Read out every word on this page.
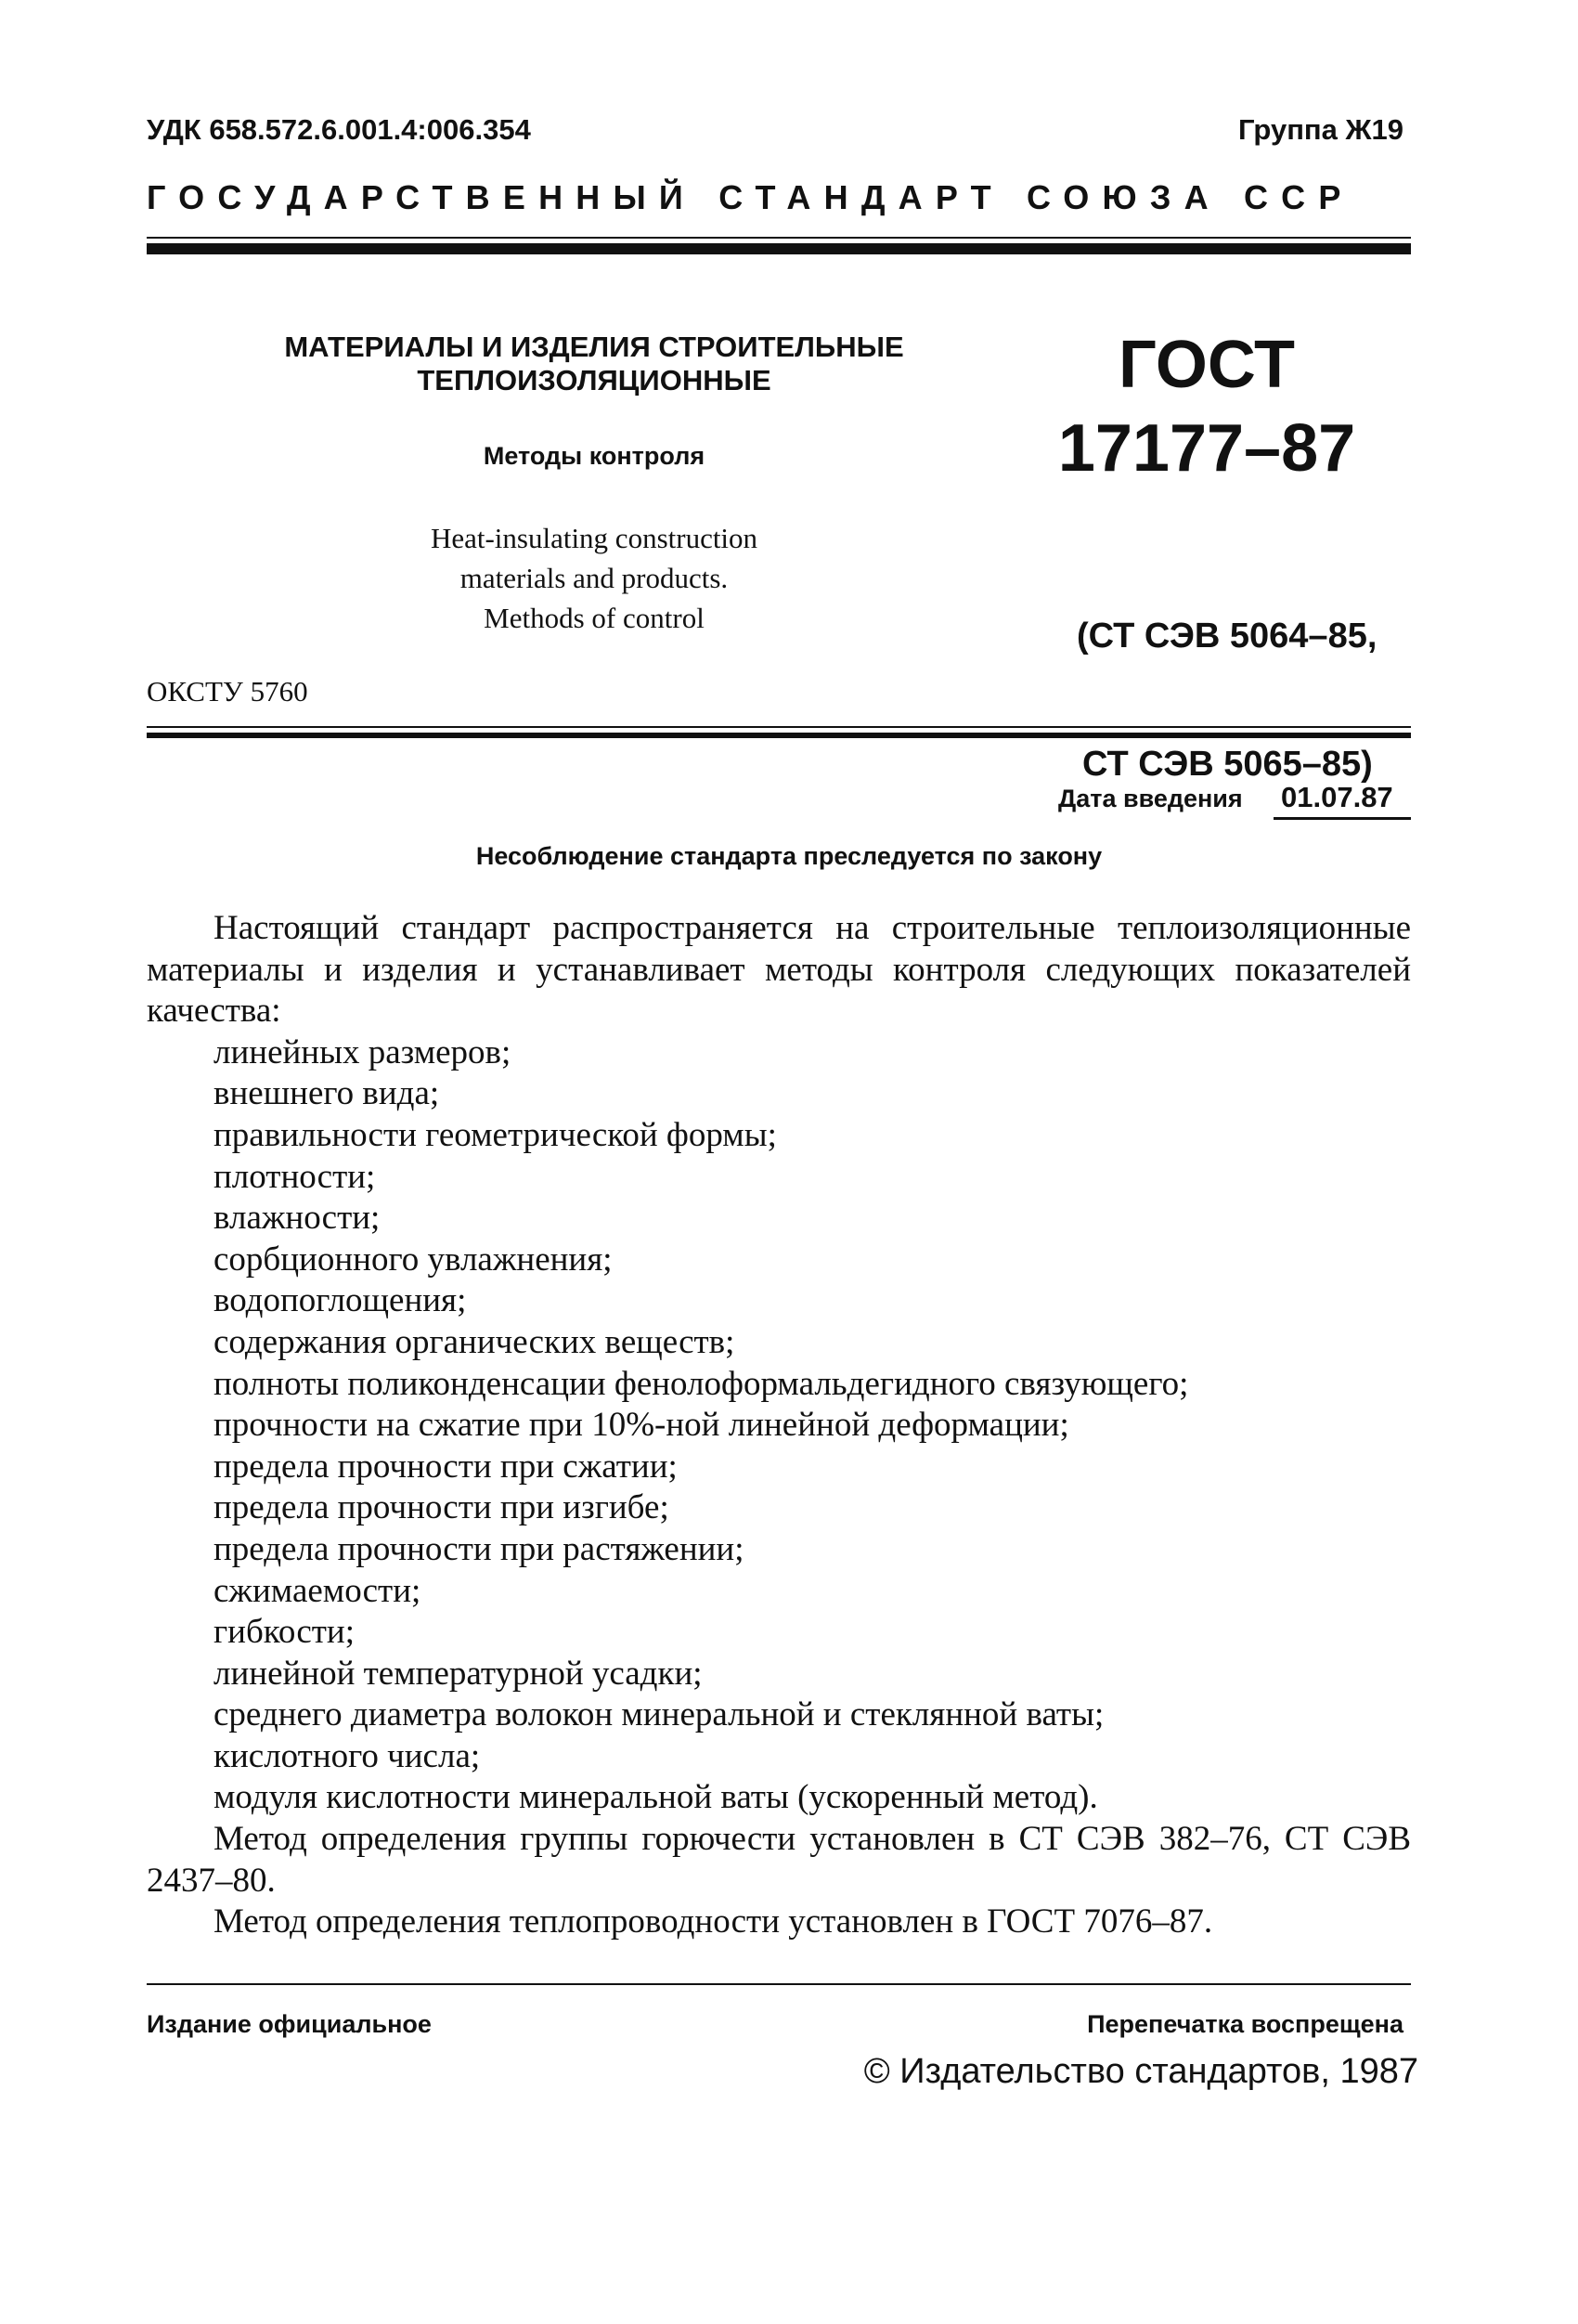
УДК 658.572.6.001.4:006.354	Группа Ж19
ГОСУДАРСТВЕННЫЙ СТАНДАРТ СОЮЗА ССР
МАТЕРИАЛЫ И ИЗДЕЛИЯ СТРОИТЕЛЬНЫЕ
ТЕПЛОИЗОЛЯЦИОННЫЕ
Методы контроля
Heat-insulating construction
materials and products.
Methods of control
ГОСТ
17177–87

(СТ СЭВ 5064–85,

СТ СЭВ 5065–85)

ОКСТУ 5760
Дата введения 01.07.87
Несоблюдение стандарта преследуется по закону

Настоящий стандарт распространяется на строительные теплоизоляционные материалы и изделия и устанавливает методы контроля следующих показателей качества:

линейных размеров;
внешнего вида;
правильности геометрической формы;
плотности;
влажности;
сорбционного увлажнения;
водопоглощения;
содержания органических веществ;
полноты поликонденсации фенолоформальдегидного связующего;
прочности на сжатие при 10%-ной линейной деформации;
предела прочности при сжатии;
предела прочности при изгибе;
предела прочности при растяжении;
сжимаемости;
гибкости;
линейной температурной усадки;
среднего диаметра волокон минеральной и стеклянной ваты;
кислотного числа;
модуля кислотности минеральной ваты (ускоренный метод).

Метод определения группы горючести установлен в СТ СЭВ 382–76, СТ СЭВ 2437–80.

Метод определения теплопроводности установлен в ГОСТ 7076–87.

Издание официальное	Перепечатка воспрещена
© Издательство стандартов, 1987
